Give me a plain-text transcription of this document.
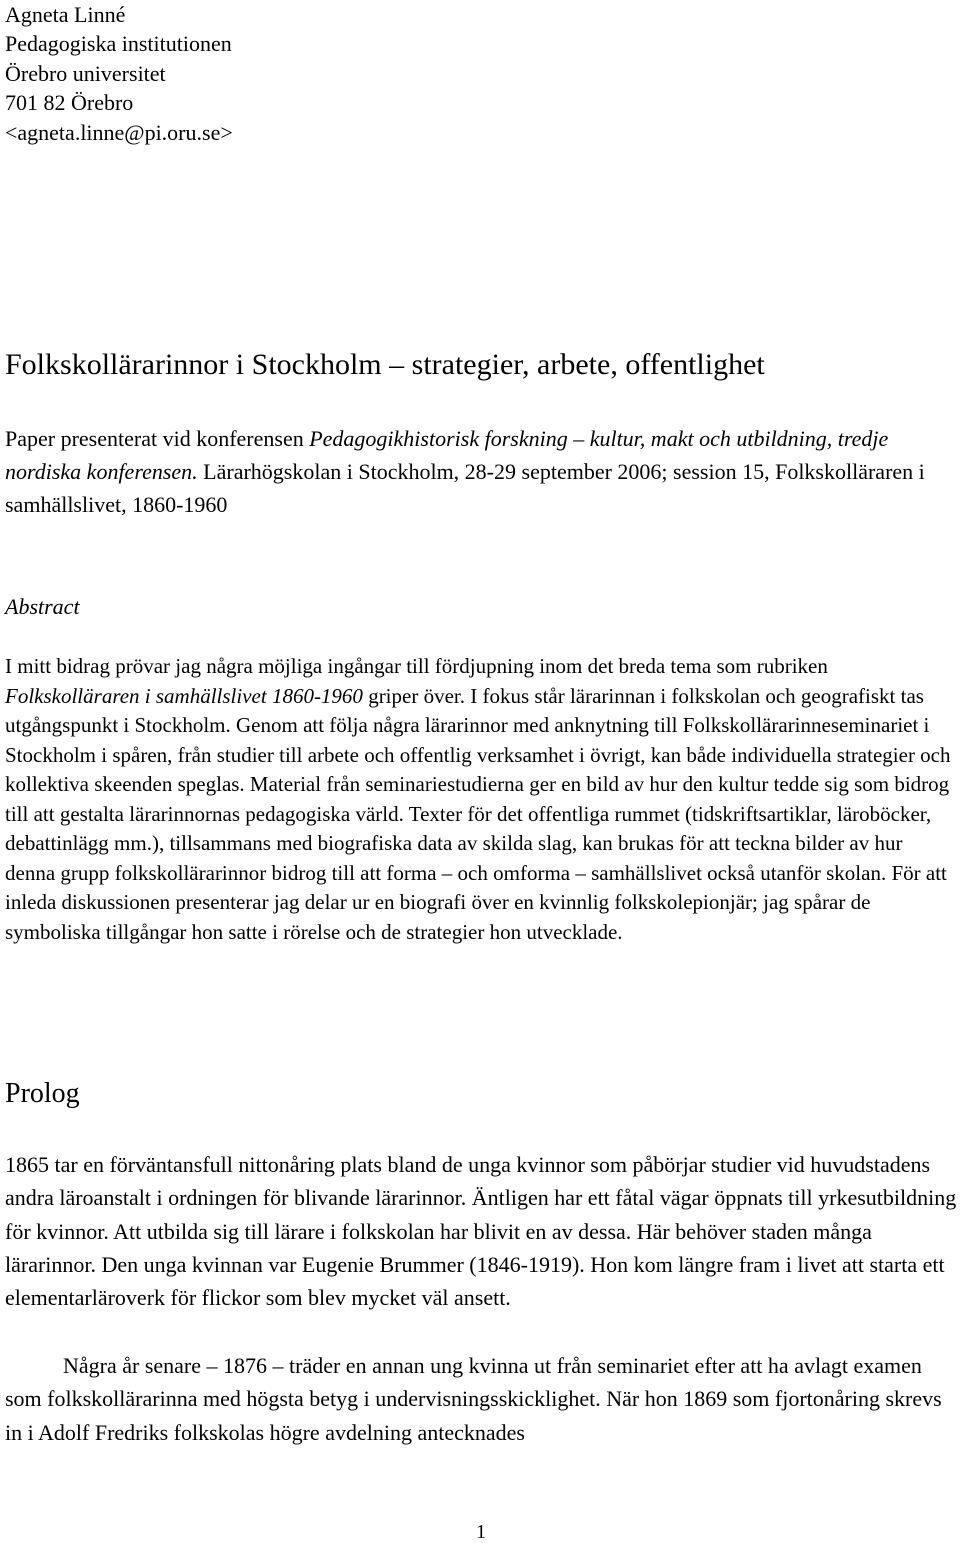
Agneta Linné
Pedagogiska institutionen
Örebro universitet
701 82 Örebro
<agneta.linne@pi.oru.se>
Folkskollärarinnor i Stockholm – strategier, arbete, offentlighet

Paper presenterat vid konferensen Pedagogikhistorisk forskning – kultur, makt och utbildning, tredje nordiska konferensen. Lärarhögskolan i Stockholm, 28-29 september 2006; session 15, Folkskolläraren i samhällslivet, 1860-1960

Abstract

I mitt bidrag prövar jag några möjliga ingångar till fördjupning inom det breda tema som rubriken Folkskolläraren i samhällslivet 1860-1960 griper över. I fokus står lärarinnan i folkskolan och geografiskt tas utgångspunkt i Stockholm. Genom att följa några lärarinnor med anknytning till Folkskollärarinneseminariet i Stockholm i spåren, från studier till arbete och offentlig verksamhet i övrigt, kan både individuella strategier och kollektiva skeenden speglas. Material från seminariestudierna ger en bild av hur den kultur tedde sig som bidrog till att gestalta lärarinnornas pedagogiska värld. Texter för det offentliga rummet (tidskriftsartiklar, läroböcker, debattinlägg mm.), tillsammans med biografiska data av skilda slag, kan brukas för att teckna bilder av hur denna grupp folkskollärarinnor bidrog till att forma – och omforma – samhällslivet också utanför skolan. För att inleda diskussionen presenterar jag delar ur en biografi över en kvinnlig folkskolepionjär; jag spårar de symboliska tillgångar hon satte i rörelse och de strategier hon utvecklade.

Prolog

1865 tar en förväntansfull nittonåring plats bland de unga kvinnor som påbörjar studier vid huvudstadens andra läroanstalt i ordningen för blivande lärarinnor. Äntligen har ett fåtal vägar öppnats till yrkesutbildning för kvinnor. Att utbilda sig till lärare i folkskolan har blivit en av dessa. Här behöver staden många lärarinnor. Den unga kvinnan var Eugenie Brummer (1846-1919). Hon kom längre fram i livet att starta ett elementarläroverk för flickor som blev mycket väl ansett.

Några år senare – 1876 – träder en annan ung kvinna ut från seminariet efter att ha avlagt examen som folkskollärarinna med högsta betyg i undervisningsskicklighet. När hon 1869 som fjortonåring skrevs in i Adolf Fredriks folkskolas högre avdelning antecknades

1
